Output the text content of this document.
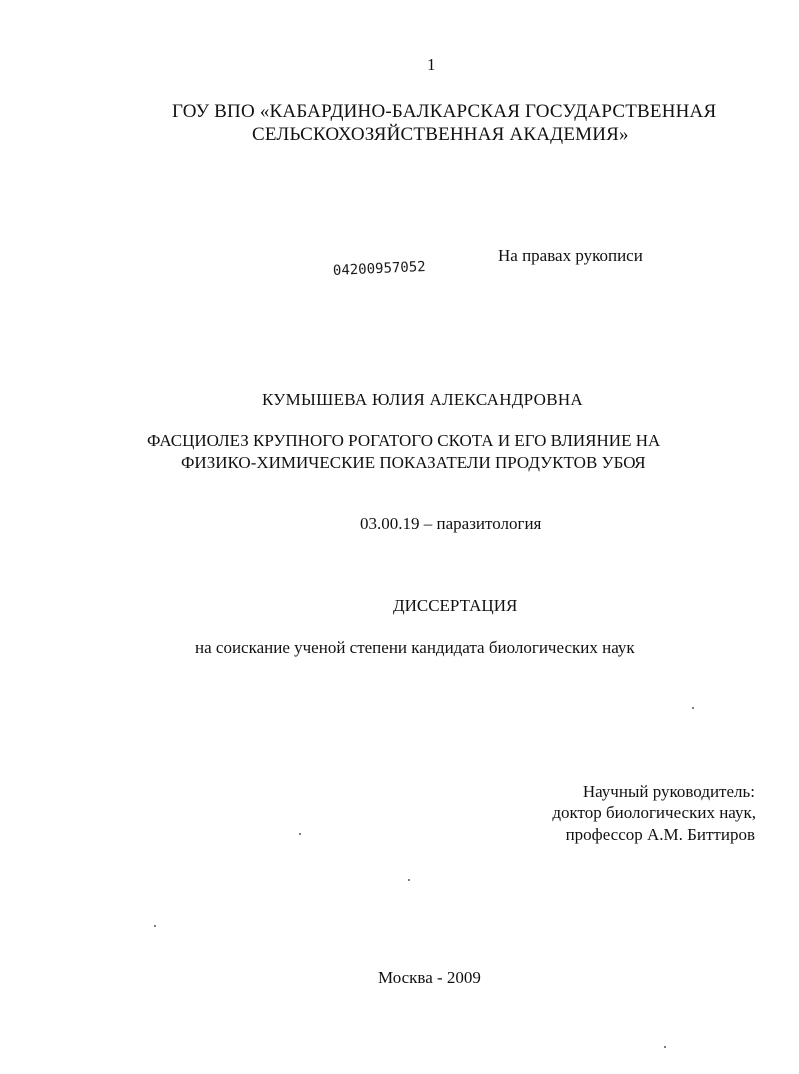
1
ГОУ ВПО «КАБАРДИНО-БАЛКАРСКАЯ ГОСУДАРСТВЕННАЯ
СЕЛЬСКОХОЗЯЙСТВЕННАЯ АКАДЕМИЯ»
На правах рукописи
04200957052
КУМЫШЕВА ЮЛИЯ АЛЕКСАНДРОВНА
ФАСЦИОЛЕЗ КРУПНОГО РОГАТОГО СКОТА И ЕГО ВЛИЯНИЕ НА
ФИЗИКО-ХИМИЧЕСКИЕ ПОКАЗАТЕЛИ ПРОДУКТОВ УБОЯ
03.00.19 – паразитология
ДИССЕРТАЦИЯ
на соискание ученой степени кандидата биологических наук
Научный руководитель:
доктор биологических наук,
профессор А.М. Биттиров
Москва - 2009
